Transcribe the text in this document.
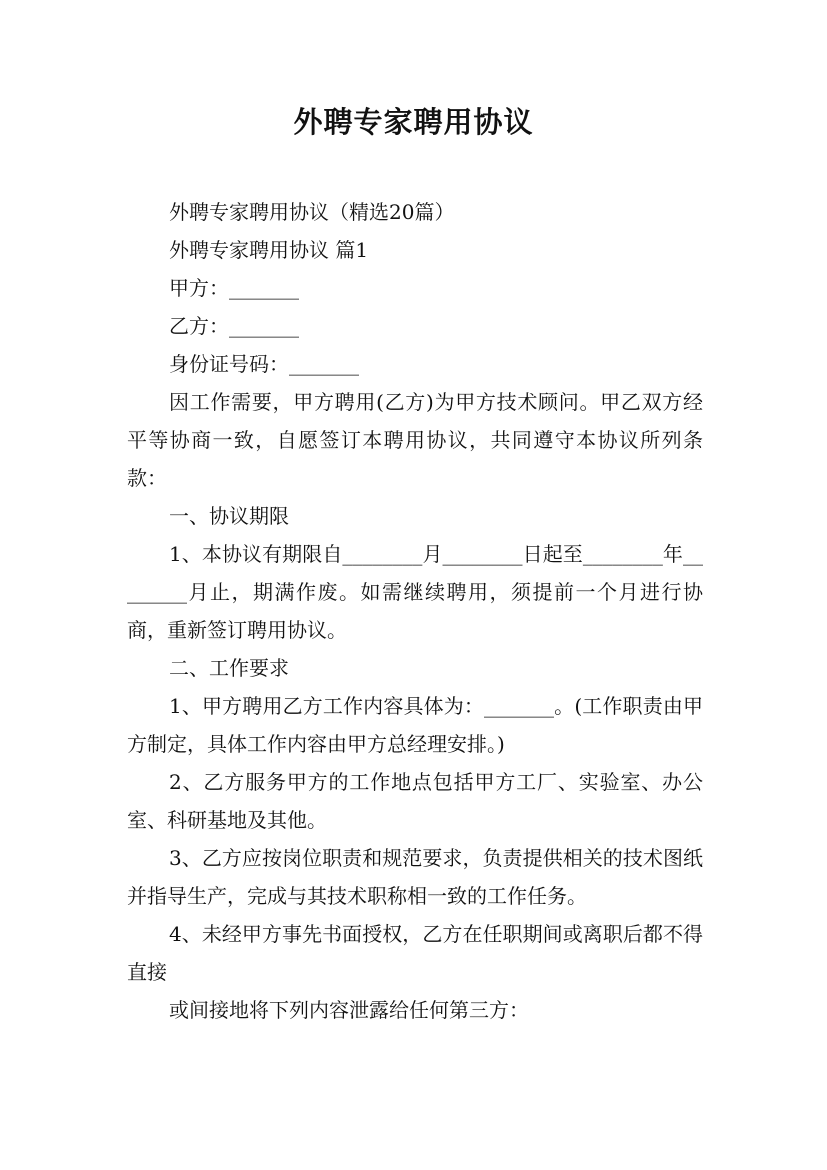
外聘专家聘用协议

外聘专家聘用协议（精选20篇）

外聘专家聘用协议 篇1

甲方：_______

乙方：_______

身份证号码：_______

因工作需要，甲方聘用(乙方)为甲方技术顾问。甲乙双方经平等协商一致，自愿签订本聘用协议，共同遵守本协议所列条款：

一、协议期限

1、本协议有期限自________月________日起至________年________月止，期满作废。如需继续聘用，须提前一个月进行协商，重新签订聘用协议。

二、工作要求

1、甲方聘用乙方工作内容具体为：_______。(工作职责由甲方制定，具体工作内容由甲方总经理安排。)

2、乙方服务甲方的工作地点包括甲方工厂、实验室、办公室、科研基地及其他。

3、乙方应按岗位职责和规范要求，负责提供相关的技术图纸并指导生产，完成与其技术职称相一致的工作任务。

4、未经甲方事先书面授权，乙方在任职期间或离职后都不得直接

或间接地将下列内容泄露给任何第三方：
